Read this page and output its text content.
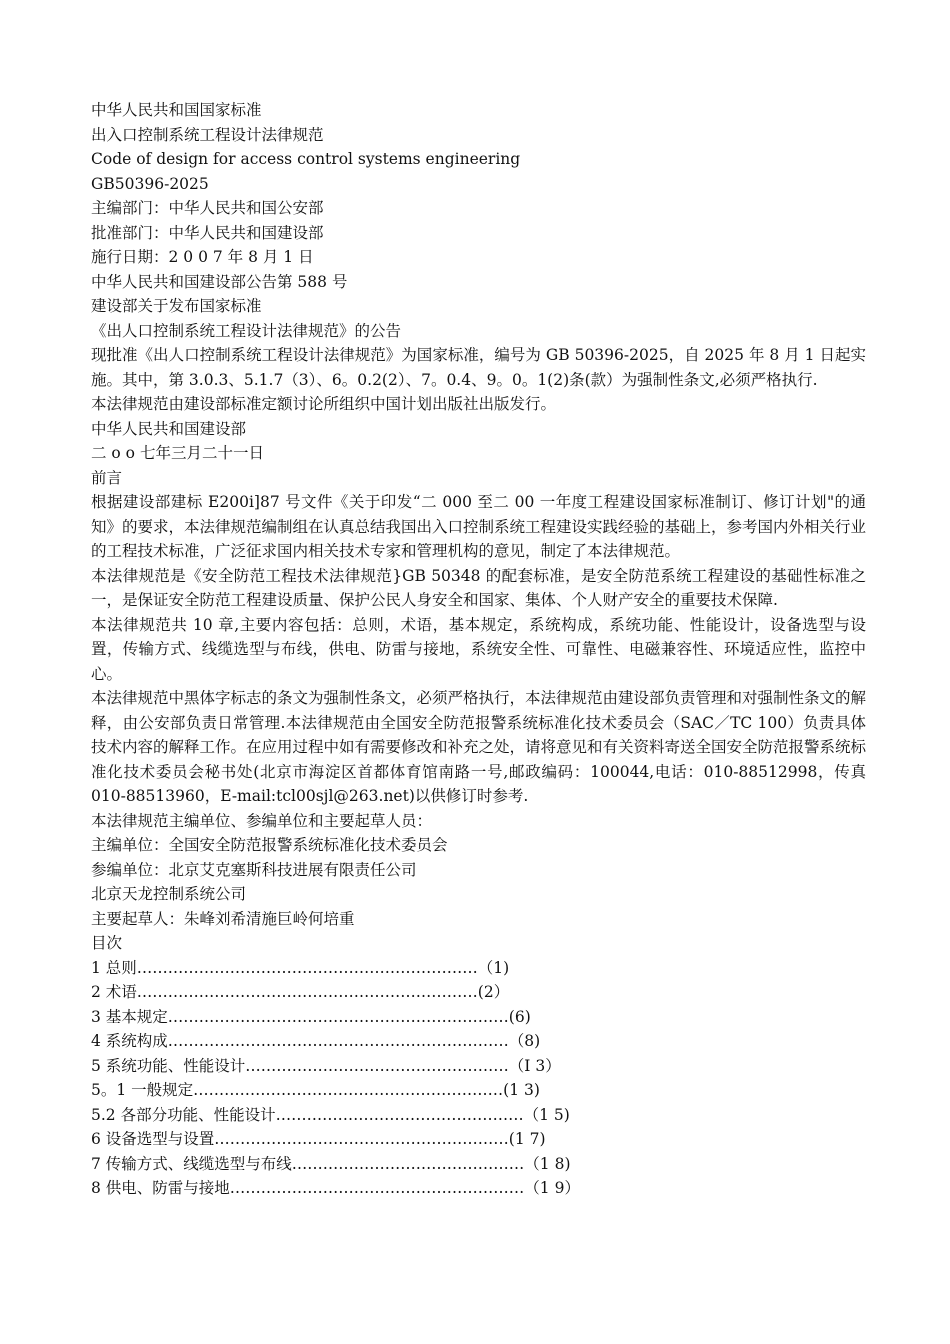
中华人民共和国国家标准
出入口控制系统工程设计法律规范
Code of design for access control systems engineering
GB50396-2025
主编部门：中华人民共和国公安部
批准部门：中华人民共和国建设部
施行日期：2 0 0 7 年 8 月 1 日
中华人民共和国建设部公告第 588 号
建设部关于发布国家标准
《出人口控制系统工程设计法律规范》的公告
现批准《出人口控制系统工程设计法律规范》为国家标准，编号为 GB 50396-2025，自 2025 年 8 月 1 日起实施。其中，第 3.0.3、5.1.7（3）、6。0.2(2）、7。0.4、9。0。1(2)条(款）为强制性条文,必须严格执行.
本法律规范由建设部标准定额讨论所组织中国计划出版社出版发行。
中华人民共和国建设部
二 o o 七年三月二十一日
前言
根据建设部建标 E200i]87 号文件《关于印发“二 000 至二 00 一年度工程建设国家标准制订、修订计划"的通知》的要求，本法律规范编制组在认真总结我国出入口控制系统工程建设实践经验的基础上，参考国内外相关行业的工程技术标准，广泛征求国内相关技术专家和管理机构的意见，制定了本法律规范。
本法律规范是《安全防范工程技术法律规范}GB 50348 的配套标准，是安全防范系统工程建设的基础性标准之一，是保证安全防范工程建设质量、保护公民人身安全和国家、集体、个人财产安全的重要技术保障.
本法律规范共 10 章,主要内容包括：总则，术语，基本规定，系统构成，系统功能、性能设计，设备选型与设置，传输方式、线缆选型与布线，供电、防雷与接地，系统安全性、可靠性、电磁兼容性、环境适应性，监控中心。
本法律规范中黑体字标志的条文为强制性条文，必须严格执行，本法律规范由建设部负责管理和对强制性条文的解释，由公安部负责日常管理.本法律规范由全国安全防范报警系统标准化技术委员会（SAC／TC 100）负责具体技术内容的解释工作。在应用过程中如有需要修改和补充之处，请将意见和有关资料寄送全国安全防范报警系统标准化技术委员会秘书处(北京市海淀区首都体育馆南路一号,邮政编码：100044,电话：010-88512998，传真 010-88513960，E-mail:tcl00sjl@263.net)以供修订时参考.
本法律规范主编单位、参编单位和主要起草人员：
主编单位：全国安全防范报警系统标准化技术委员会
参编单位：北京艾克塞斯科技进展有限责任公司
北京天龙控制系统公司
主要起草人：朱峰刘希清施巨岭何培重
目次
1 总则…………………………………………………………（1)
2 术语…………………………………………………………(2）
3 基本规定…………………………………………………………(6)
4 系统构成…………………………………………………………（8)
5 系统功能、性能设计……………………………………………（I 3）
5。1 一般规定……………………………………………………(1 3)
5.2 各部分功能、性能设计…………………………………………（1 5)
6 设备选型与设置…………………………………………………(1 7)
7 传输方式、线缆选型与布线………………………………………（1 8)
8 供电、防雷与接地…………………………………………………（1 9）
